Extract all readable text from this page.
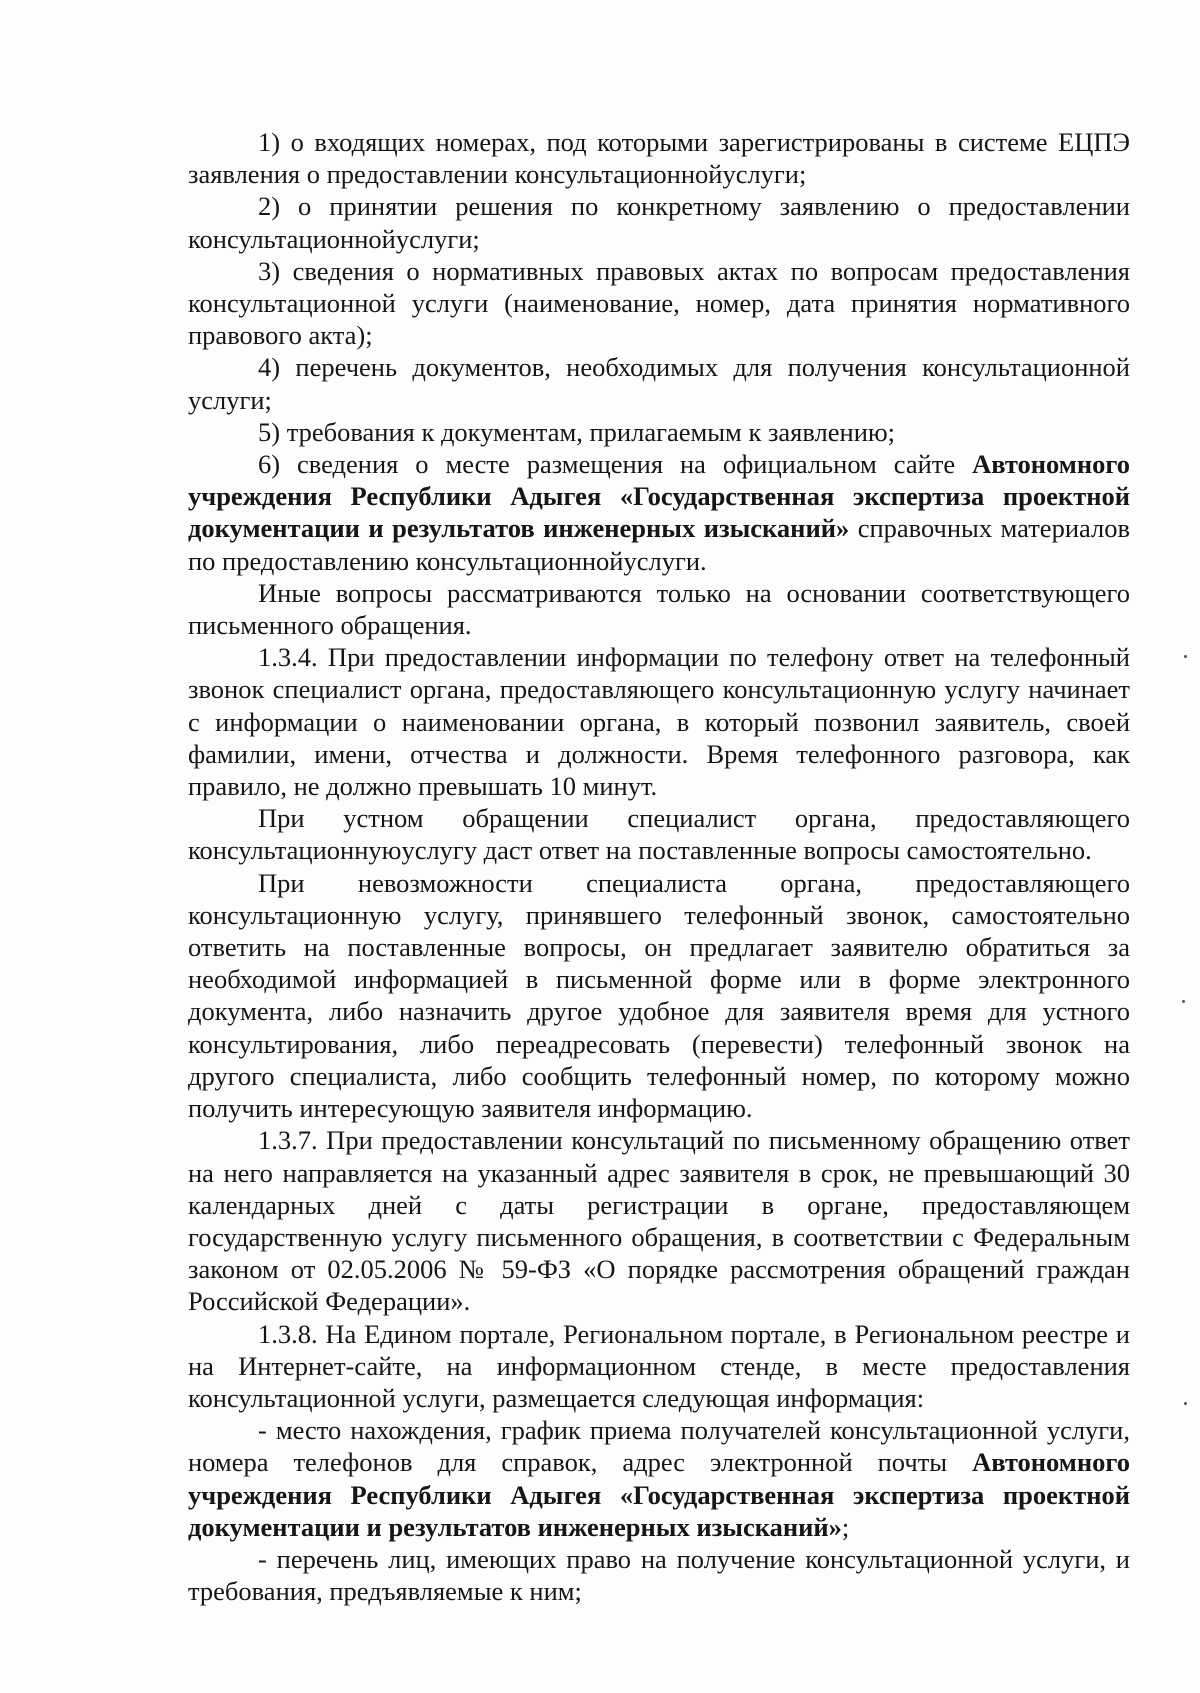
1) о входящих номерах, под которыми зарегистрированы в системе ЕЦПЭ заявления о предоставлении консультационнойуслуги;

2) о принятии решения по конкретному заявлению о предоставлении консультационнойуслуги;

3) сведения о нормативных правовых актах по вопросам предоставления консультационной услуги (наименование, номер, дата принятия нормативного правового акта);

4) перечень документов, необходимых для получения консультационной услуги;

5) требования к документам, прилагаемым к заявлению;

6) сведения о месте размещения на официальном сайте Автономного учреждения Республики Адыгея «Государственная экспертиза проектной документации и результатов инженерных изысканий» справочных материалов по предоставлению консультационнойуслуги.

Иные вопросы рассматриваются только на основании соответствующего письменного обращения.

1.3.4. При предоставлении информации по телефону ответ на телефонный звонок специалист органа, предоставляющего консультационную услугу начинает с информации о наименовании органа, в который позвонил заявитель, своей фамилии, имени, отчества и должности. Время телефонного разговора, как правило, не должно превышать 10 минут.

При устном обращении специалист органа, предоставляющего консультационнуюуслугу даст ответ на поставленные вопросы самостоятельно.

При невозможности специалиста органа, предоставляющего консультационную услугу, принявшего телефонный звонок, самостоятельно ответить на поставленные вопросы, он предлагает заявителю обратиться за необходимой информацией в письменной форме или в форме электронного документа, либо назначить другое удобное для заявителя время для устного консультирования, либо переадресовать (перевести) телефонный звонок на другого специалиста, либо сообщить телефонный номер, по которому можно получить интересующую заявителя информацию.

1.3.7. При предоставлении консультаций по письменному обращению ответ на него направляется на указанный адрес заявителя в срок, не превышающий 30 календарных дней с даты регистрации в органе, предоставляющем государственную услугу письменного обращения, в соответствии с Федеральным законом от 02.05.2006 № 59-ФЗ «О порядке рассмотрения обращений граждан Российской Федерации».

1.3.8. На Едином портале, Региональном портале, в Региональном реестре и на Интернет-сайте, на информационном стенде, в месте предоставления консультационной услуги, размещается следующая информация:

- место нахождения, график приема получателей консультационной услуги, номера телефонов для справок, адрес электронной почты Автономного учреждения Республики Адыгея «Государственная экспертиза проектной документации и результатов инженерных изысканий»;

- перечень лиц, имеющих право на получение консультационной услуги, и требования, предъявляемые к ним;
